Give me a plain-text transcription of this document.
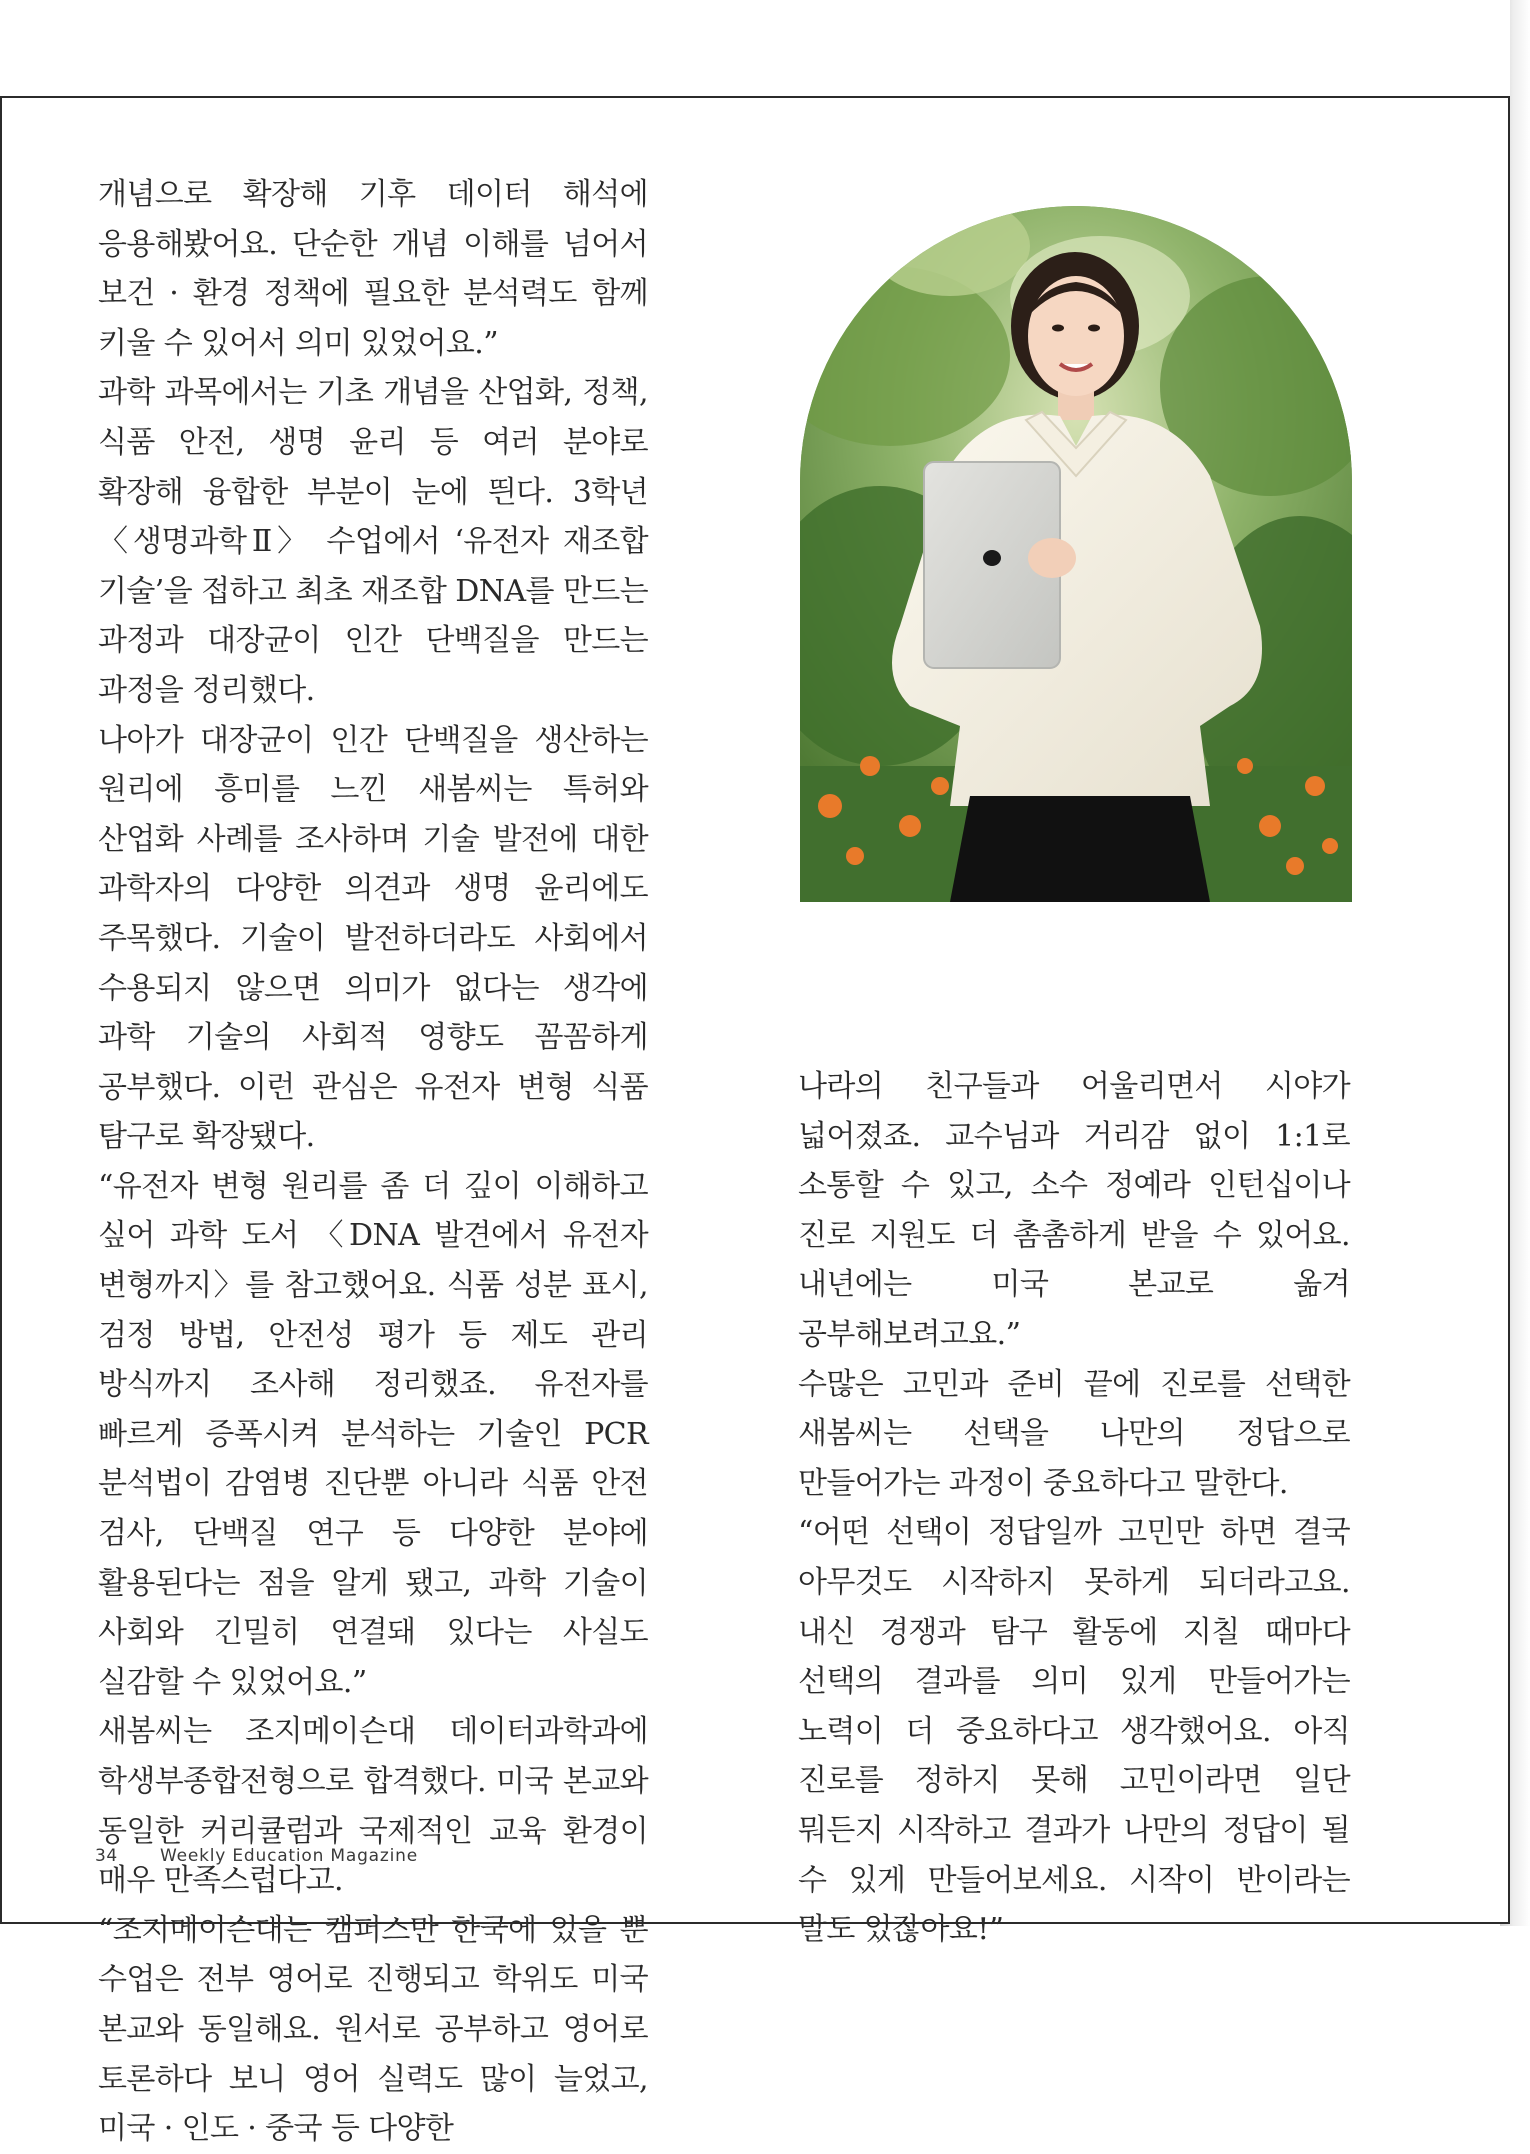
개념으로 확장해 기후 데이터 해석에 응용해봤어요. 단순한 개념 이해를 넘어서 보건 · 환경 정책에 필요한 분석력도 함께 키울 수 있어서 의미 있었어요.”

과학 과목에서는 기초 개념을 산업화, 정책, 식품 안전, 생명 윤리 등 여러 분야로 확장해 융합한 부분이 눈에 띈다. 3학년 〈생명과학Ⅱ〉 수업에서 ‘유전자 재조합 기술’을 접하고 최초 재조합 DNA를 만드는 과정과 대장균이 인간 단백질을 만드는 과정을 정리했다.

나아가 대장균이 인간 단백질을 생산하는 원리에 흥미를 느낀 새봄씨는 특허와 산업화 사례를 조사하며 기술 발전에 대한 과학자의 다양한 의견과 생명 윤리에도 주목했다. 기술이 발전하더라도 사회에서 수용되지 않으면 의미가 없다는 생각에 과학 기술의 사회적 영향도 꼼꼼하게 공부했다. 이런 관심은 유전자 변형 식품 탐구로 확장됐다.

“유전자 변형 원리를 좀 더 깊이 이해하고 싶어 과학 도서 〈DNA 발견에서 유전자 변형까지〉를 참고했어요. 식품 성분 표시, 검정 방법, 안전성 평가 등 제도 관리 방식까지 조사해 정리했죠. 유전자를 빠르게 증폭시켜 분석하는 기술인 PCR 분석법이 감염병 진단뿐 아니라 식품 안전 검사, 단백질 연구 등 다양한 분야에 활용된다는 점을 알게 됐고, 과학 기술이 사회와 긴밀히 연결돼 있다는 사실도 실감할 수 있었어요.”

새봄씨는 조지메이슨대 데이터과학과에 학생부종합전형으로 합격했다. 미국 본교와 동일한 커리큘럼과 국제적인 교육 환경이 매우 만족스럽다고.

“조지메이슨대는 캠퍼스만 한국에 있을 뿐 수업은 전부 영어로 진행되고 학위도 미국 본교와 동일해요. 원서로 공부하고 영어로 토론하다 보니 영어 실력도 많이 늘었고, 미국 · 인도 · 중국 등 다양한

나라의 친구들과 어울리면서 시야가 넓어졌죠. 교수님과 거리감 없이 1:1로 소통할 수 있고, 소수 정예라 인턴십이나 진로 지원도 더 촘촘하게 받을 수 있어요. 내년에는 미국 본교로 옮겨 공부해보려고요.”

수많은 고민과 준비 끝에 진로를 선택한 새봄씨는 선택을 나만의 정답으로 만들어가는 과정이 중요하다고 말한다.

“어떤 선택이 정답일까 고민만 하면 결국 아무것도 시작하지 못하게 되더라고요. 내신 경쟁과 탐구 활동에 지칠 때마다 선택의 결과를 의미 있게 만들어가는 노력이 더 중요하다고 생각했어요. 아직 진로를 정하지 못해 고민이라면 일단 뭐든지 시작하고 결과가 나만의 정답이 될 수 있게 만들어보세요. 시작이 반이라는 말도 있잖아요!”

34 Weekly Education Magazine
